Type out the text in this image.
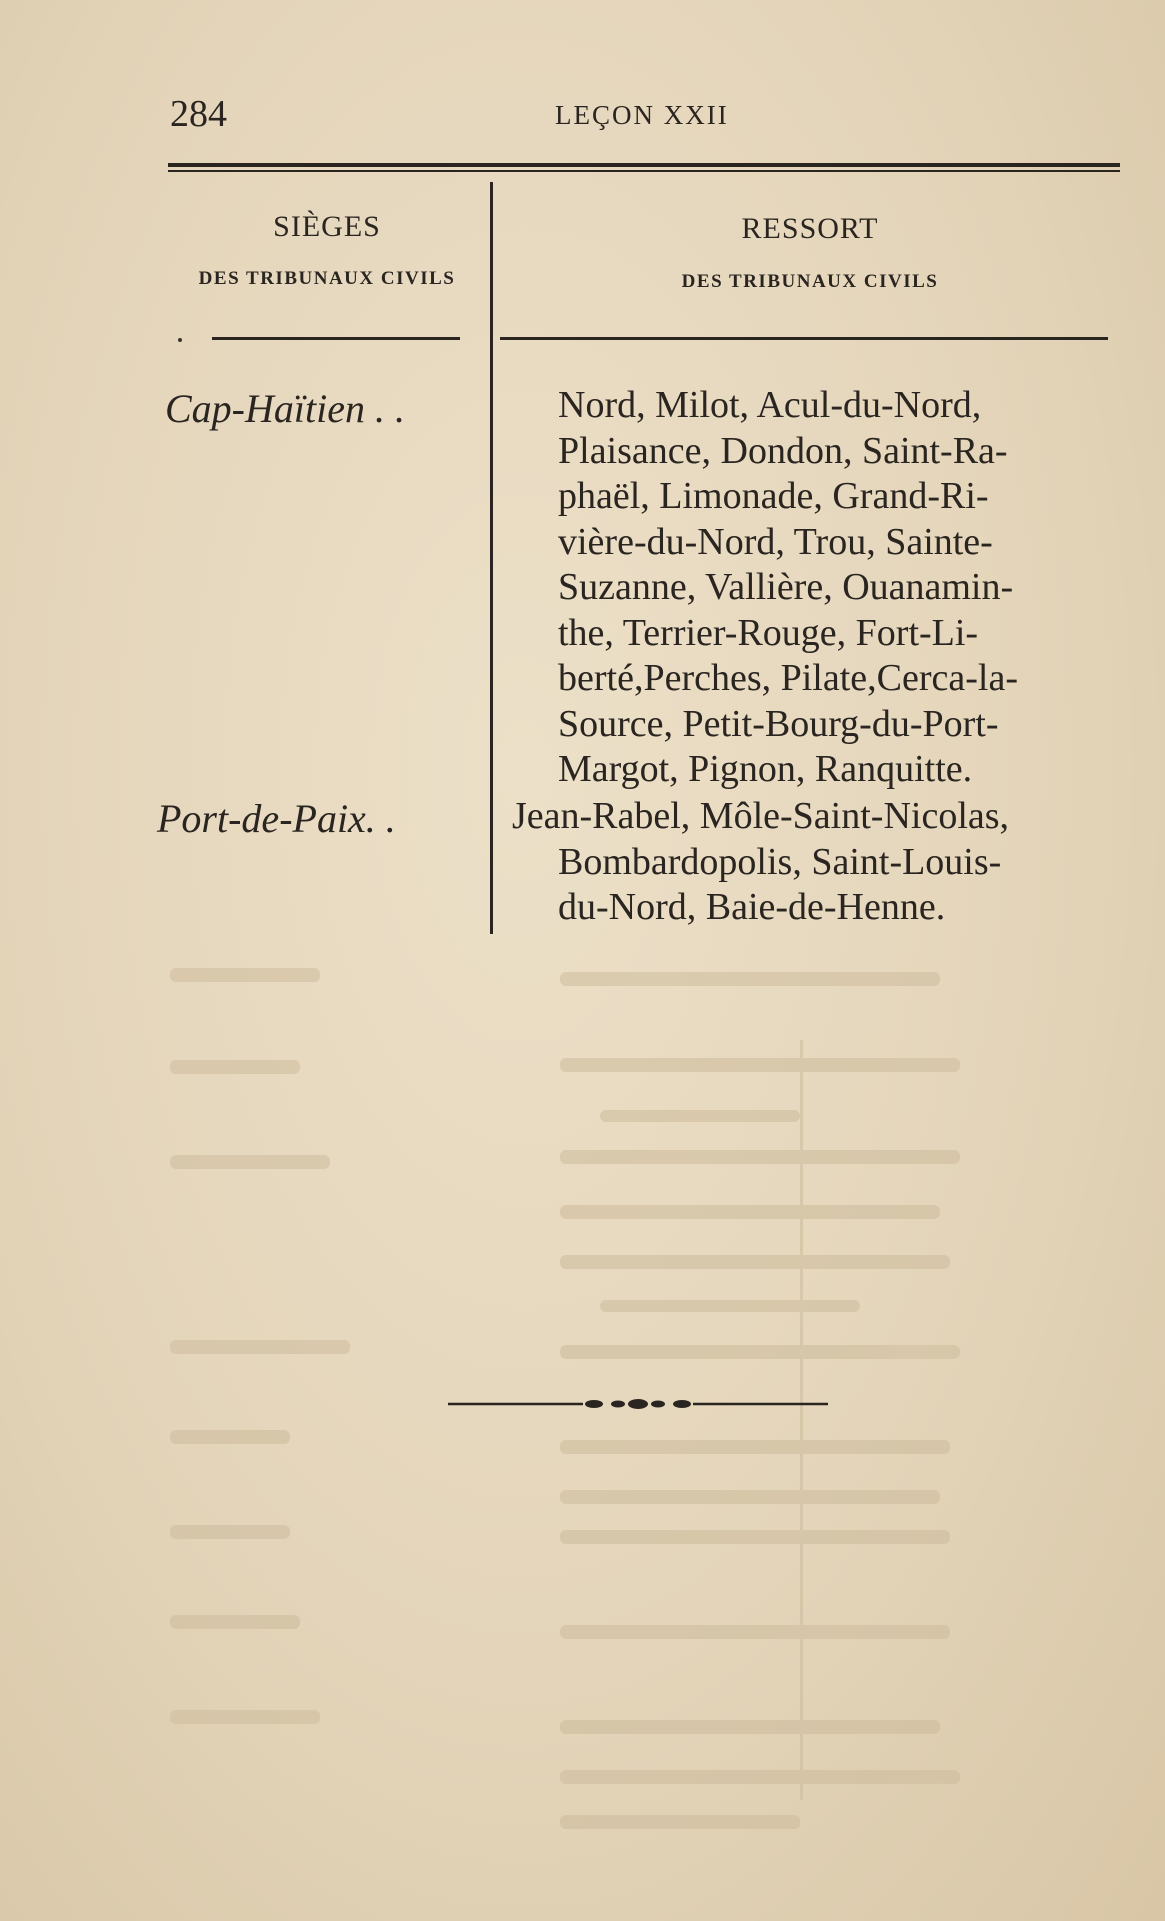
284	LEÇON XXII
SIÈGES
DES TRIBUNAUX CIVILS
RESSORT
DES TRIBUNAUX CIVILS
Cap-Haïtien . .	Nord, Milot, Acul-du-Nord,
Plaisance, Dondon, Saint-Ra-
phaël, Limonade, Grand-Ri-
vière-du-Nord, Trou, Sainte-
Suzanne, Vallière, Ouanamin-
the, Terrier-Rouge, Fort-Li-
berté,Perches, Pilate,Cerca-la-
Source, Petit-Bourg-du-Port-
Margot, Pignon, Ranquitte.
Port-de-Paix. .	Jean-Rabel, Môle-Saint-Nicolas,
Bombardopolis, Saint-Louis-
du-Nord, Baie-de-Henne.
